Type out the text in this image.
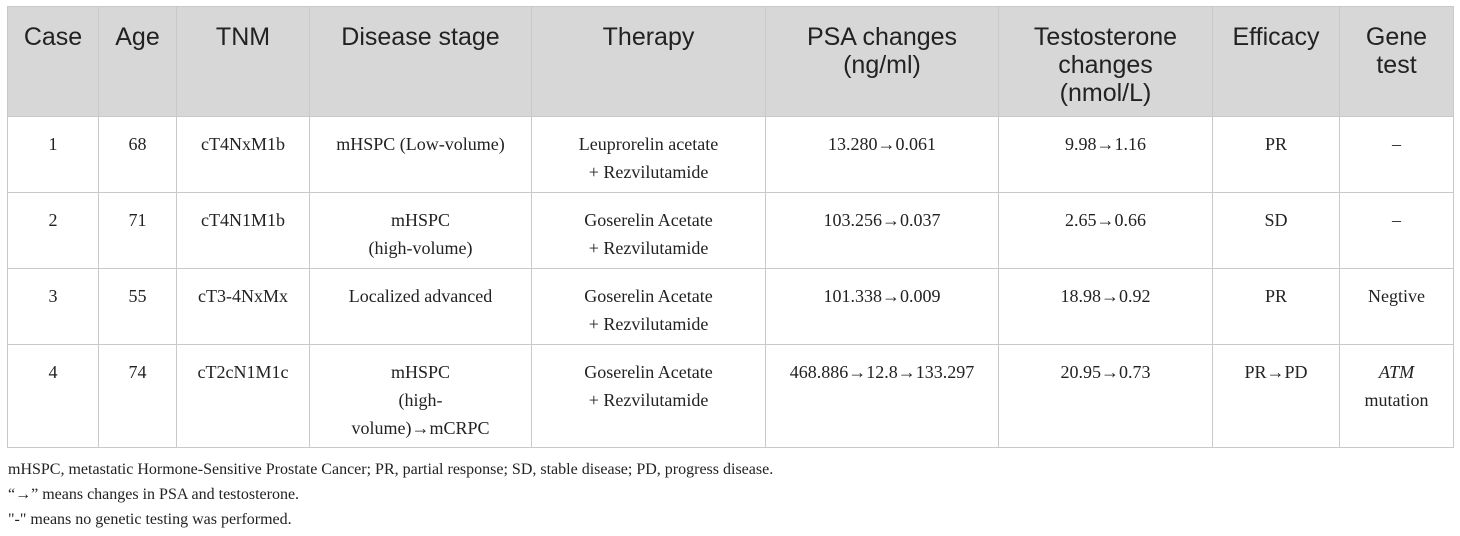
Case	Age	TNM	Disease stage	Therapy	PSA changes
(ng/ml)	Testosterone
changes
(nmol/L)	Efficacy	Gene
test

1	68	cT4NxM1b	mHSPC (Low-volume)	Leuprorelin acetate
+ Rezvilutamide	13.280→0.061	9.98→1.16	PR	–

2	71	cT4N1M1b	mHSPC
(high-volume)	Goserelin Acetate
+ Rezvilutamide	103.256→0.037	2.65→0.66	SD	–

3	55	cT3-4NxMx	Localized advanced	Goserelin Acetate
+ Rezvilutamide	101.338→0.009	18.98→0.92	PR	Negtive

4	74	cT2cN1M1c	mHSPC
(high-
volume)→mCRPC	Goserelin Acetate
+ Rezvilutamide	468.886→12.8→133.297	20.95→0.73	PR→PD	ATM
mutation
mHSPC, metastatic Hormone-Sensitive Prostate Cancer; PR, partial response; SD, stable disease; PD, progress disease.
“→” means changes in PSA and testosterone.
"-" means no genetic testing was performed.
